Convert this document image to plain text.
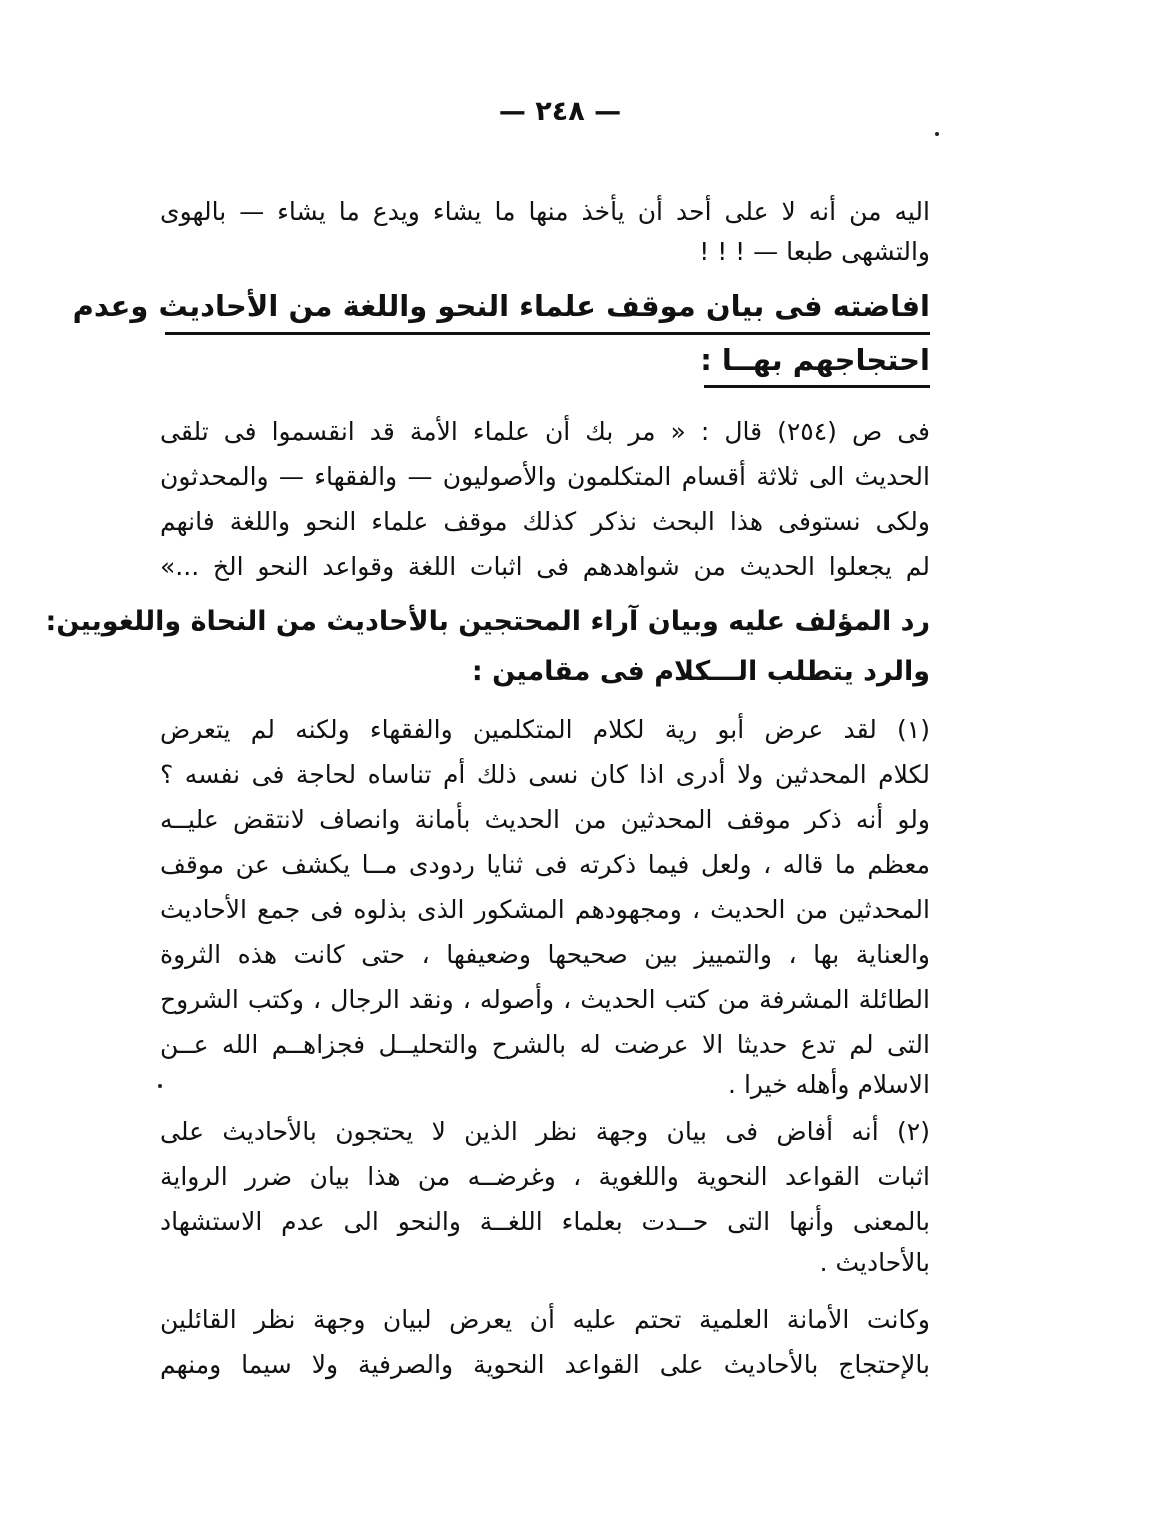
— ٢٤٨ —
اليه من أنه لا على أحد أن يأخذ منها ما يشاء ويدع ما يشاء — بالهوى
والتشهى طبعا — ! ! !
افاضته فى بيان موقف علماء النحو واللغة من الأحاديث وعدم
احتجاجهم بهــا :
فى ص (٢٥٤) قال : « مر بك أن علماء الأمة قد انقسموا فى تلقى
الحديث الى ثلاثة أقسام المتكلمون والأصوليون — والفقهاء — والمحدثون
ولكى نستوفى هذا البحث نذكر كذلك موقف علماء النحو واللغة فانهم
لم يجعلوا الحديث من شواهدهم فى اثبات اللغة وقواعد النحو الخ ...»
رد المؤلف عليه وبيان آراء المحتجين بالأحاديث من النحاة واللغويين:
والرد يتطلب الـــكلام فى مقامين :
(١) لقد عرض أبو رية لكلام المتكلمين والفقهاء ولكنه لم يتعرض
لكلام المحدثين ولا أدرى اذا كان نسى ذلك أم تناساه لحاجة فى نفسه ؟
ولو أنه ذكر موقف المحدثين من الحديث بأمانة وانصاف لانتقض عليــه
معظم ما قاله ، ولعل فيما ذكرته فى ثنايا ردودى مــا يكشف عن موقف
المحدثين من الحديث ، ومجهودهم المشكور الذى بذلوه فى جمع الأحاديث
والعناية بها ، والتمييز بين صحيحها وضعيفها ، حتى كانت هذه الثروة
الطائلة المشرفة من كتب الحديث ، وأصوله ، ونقد الرجال ، وكتب الشروح
التى لم تدع حديثا الا عرضت له بالشرح والتحليــل فجزاهــم الله عــن
الاسلام وأهله خيرا .
(٢) أنه أفاض فى بيان وجهة نظر الذين لا يحتجون بالأحاديث على
اثبات القواعد النحوية واللغوية ، وغرضــه من هذا بيان ضرر الرواية
بالمعنى وأنها التى حــدت بعلماء اللغــة والنحو الى عدم الاستشهاد
بالأحاديث .
وكانت الأمانة العلمية تحتم عليه أن يعرض لبيان وجهة نظر القائلين
بالإحتجاج بالأحاديث على القواعد النحوية والصرفية ولا سيما ومنهم
